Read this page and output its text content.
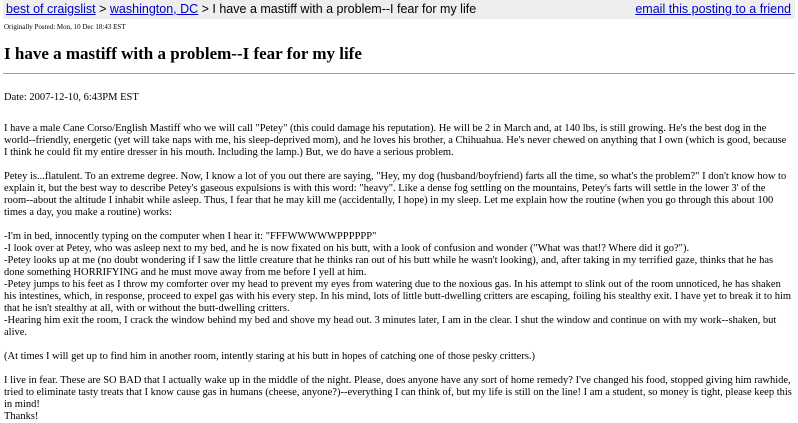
best of craigslist > washington, DC > I have a mastiff with a problem--I fear for my life	email this posting to a friend
Originally Posted: Mon, 10 Dec 18:43 EST
I have a mastiff with a problem--I fear for my life
Date: 2007-12-10, 6:43PM EST

I have a male Cane Corso/English Mastiff who we will call "Petey" (this could damage his reputation). He will be 2 in March and, at 140 lbs, is still growing. He's the best dog in the world--friendly, energetic (yet will take naps with me, his sleep-deprived mom), and he loves his brother, a Chihuahua. He's never chewed on anything that I own (which is good, because I think he could fit my entire dresser in his mouth. Including the lamp.) But, we do have a serious problem.

Petey is...flatulent. To an extreme degree. Now, I know a lot of you out there are saying, "Hey, my dog (husband/boyfriend) farts all the time, so what's the problem?" I don't know how to explain it, but the best way to describe Petey's gaseous expulsions is with this word: "heavy". Like a dense fog settling on the mountains, Petey's farts will settle in the lower 3' of the room--about the altitude I inhabit while asleep. Thus, I fear that he may kill me (accidentally, I hope) in my sleep. Let me explain how the routine (when you go through this about 100 times a day, you make a routine) works:

-I'm in bed, innocently typing on the computer when I hear it: "FFFWWWWWPPPPPP"
-I look over at Petey, who was asleep next to my bed, and he is now fixated on his butt, with a look of confusion and wonder ("What was that!? Where did it go?").
-Petey looks up at me (no doubt wondering if I saw the little creature that he thinks ran out of his butt while he wasn't looking), and, after taking in my terrified gaze, thinks that he has done something HORRIFYING and he must move away from me before I yell at him.
-Petey jumps to his feet as I throw my comforter over my head to prevent my eyes from watering due to the noxious gas. In his attempt to slink out of the room unnoticed, he has shaken his intestines, which, in response, proceed to expel gas with his every step. In his mind, lots of little butt-dwelling critters are escaping, foiling his stealthy exit. I have yet to break it to him that he isn't stealthy at all, with or without the butt-dwelling critters.
-Hearing him exit the room, I crack the window behind my bed and shove my head out. 3 minutes later, I am in the clear. I shut the window and continue on with my work--shaken, but alive.

(At times I will get up to find him in another room, intently staring at his butt in hopes of catching one of those pesky critters.)

I live in fear. These are SO BAD that I actually wake up in the middle of the night. Please, does anyone have any sort of home remedy? I've changed his food, stopped giving him rawhide, tried to eliminate tasty treats that I know cause gas in humans (cheese, anyone?)--everything I can think of, but my life is still on the line! I am a student, so money is tight, please keep this in mind!
Thanks!
